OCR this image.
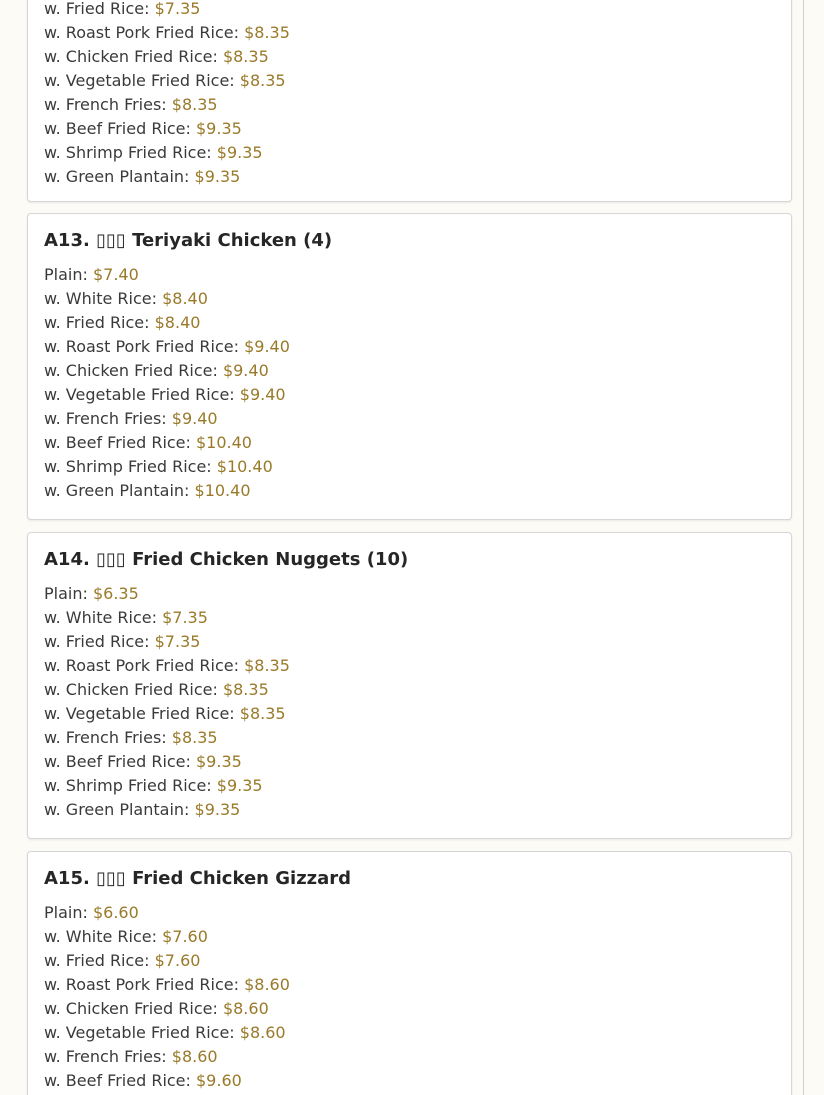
w. Fried Rice: $7.35
w. Roast Pork Fried Rice: $8.35
w. Chicken Fried Rice: $8.35
w. Vegetable Fried Rice: $8.35
w. French Fries: $8.35
w. Beef Fried Rice: $9.35
w. Shrimp Fried Rice: $9.35
w. Green Plantain: $9.35
A13. ▯▯▯ Teriyaki Chicken (4)
Plain: $7.40
w. White Rice: $8.40
w. Fried Rice: $8.40
w. Roast Pork Fried Rice: $9.40
w. Chicken Fried Rice: $9.40
w. Vegetable Fried Rice: $9.40
w. French Fries: $9.40
w. Beef Fried Rice: $10.40
w. Shrimp Fried Rice: $10.40
w. Green Plantain: $10.40
A14. ▯▯▯ Fried Chicken Nuggets (10)
Plain: $6.35
w. White Rice: $7.35
w. Fried Rice: $7.35
w. Roast Pork Fried Rice: $8.35
w. Chicken Fried Rice: $8.35
w. Vegetable Fried Rice: $8.35
w. French Fries: $8.35
w. Beef Fried Rice: $9.35
w. Shrimp Fried Rice: $9.35
w. Green Plantain: $9.35
A15. ▯▯▯ Fried Chicken Gizzard
Plain: $6.60
w. White Rice: $7.60
w. Fried Rice: $7.60
w. Roast Pork Fried Rice: $8.60
w. Chicken Fried Rice: $8.60
w. Vegetable Fried Rice: $8.60
w. French Fries: $8.60
w. Beef Fried Rice: $9.60
